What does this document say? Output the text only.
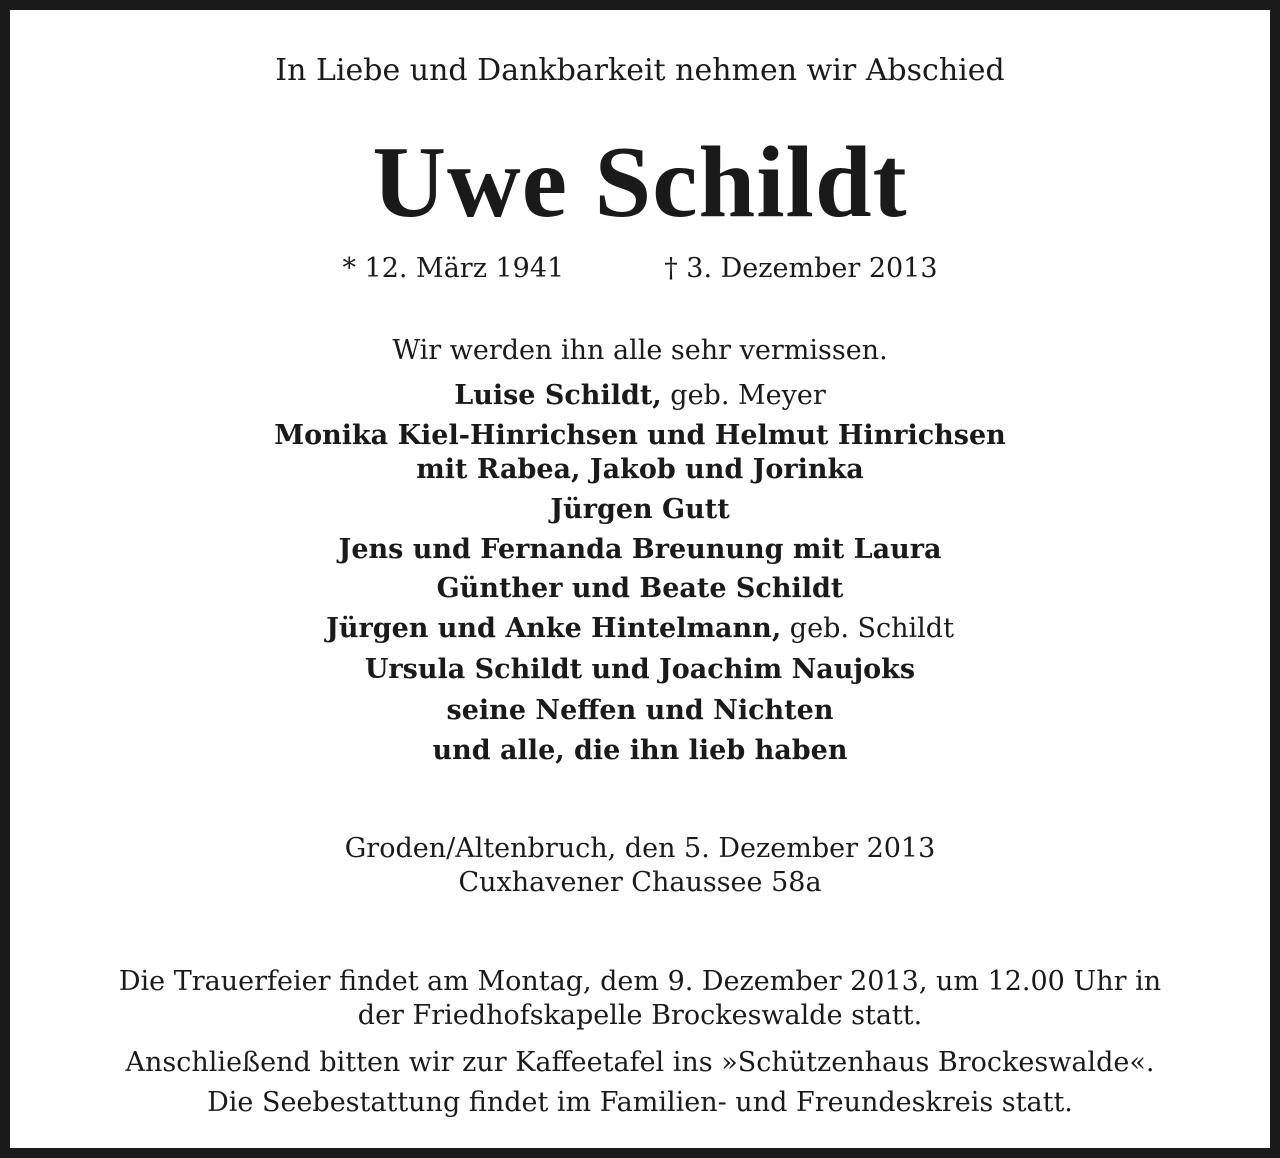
In Liebe und Dankbarkeit nehmen wir Abschied
Uwe Schildt
* 12. März 1941	† 3. Dezember 2013
Wir werden ihn alle sehr vermissen.
Luise Schildt, geb. Meyer
Monika Kiel-Hinrichsen und Helmut Hinrichsen
mit Rabea, Jakob und Jorinka
Jürgen Gutt
Jens und Fernanda Breunung mit Laura
Günther und Beate Schildt
Jürgen und Anke Hintelmann, geb. Schildt
Ursula Schildt und Joachim Naujoks
seine Neffen und Nichten
und alle, die ihn lieb haben
Groden/Altenbruch, den 5. Dezember 2013
Cuxhavener Chaussee 58a
Die Trauerfeier findet am Montag, dem 9. Dezember 2013, um 12.00 Uhr in
der Friedhofskapelle Brockeswalde statt.
Anschließend bitten wir zur Kaffeetafel ins »Schützenhaus Brockeswalde«.
Die Seebestattung findet im Familien- und Freundeskreis statt.
